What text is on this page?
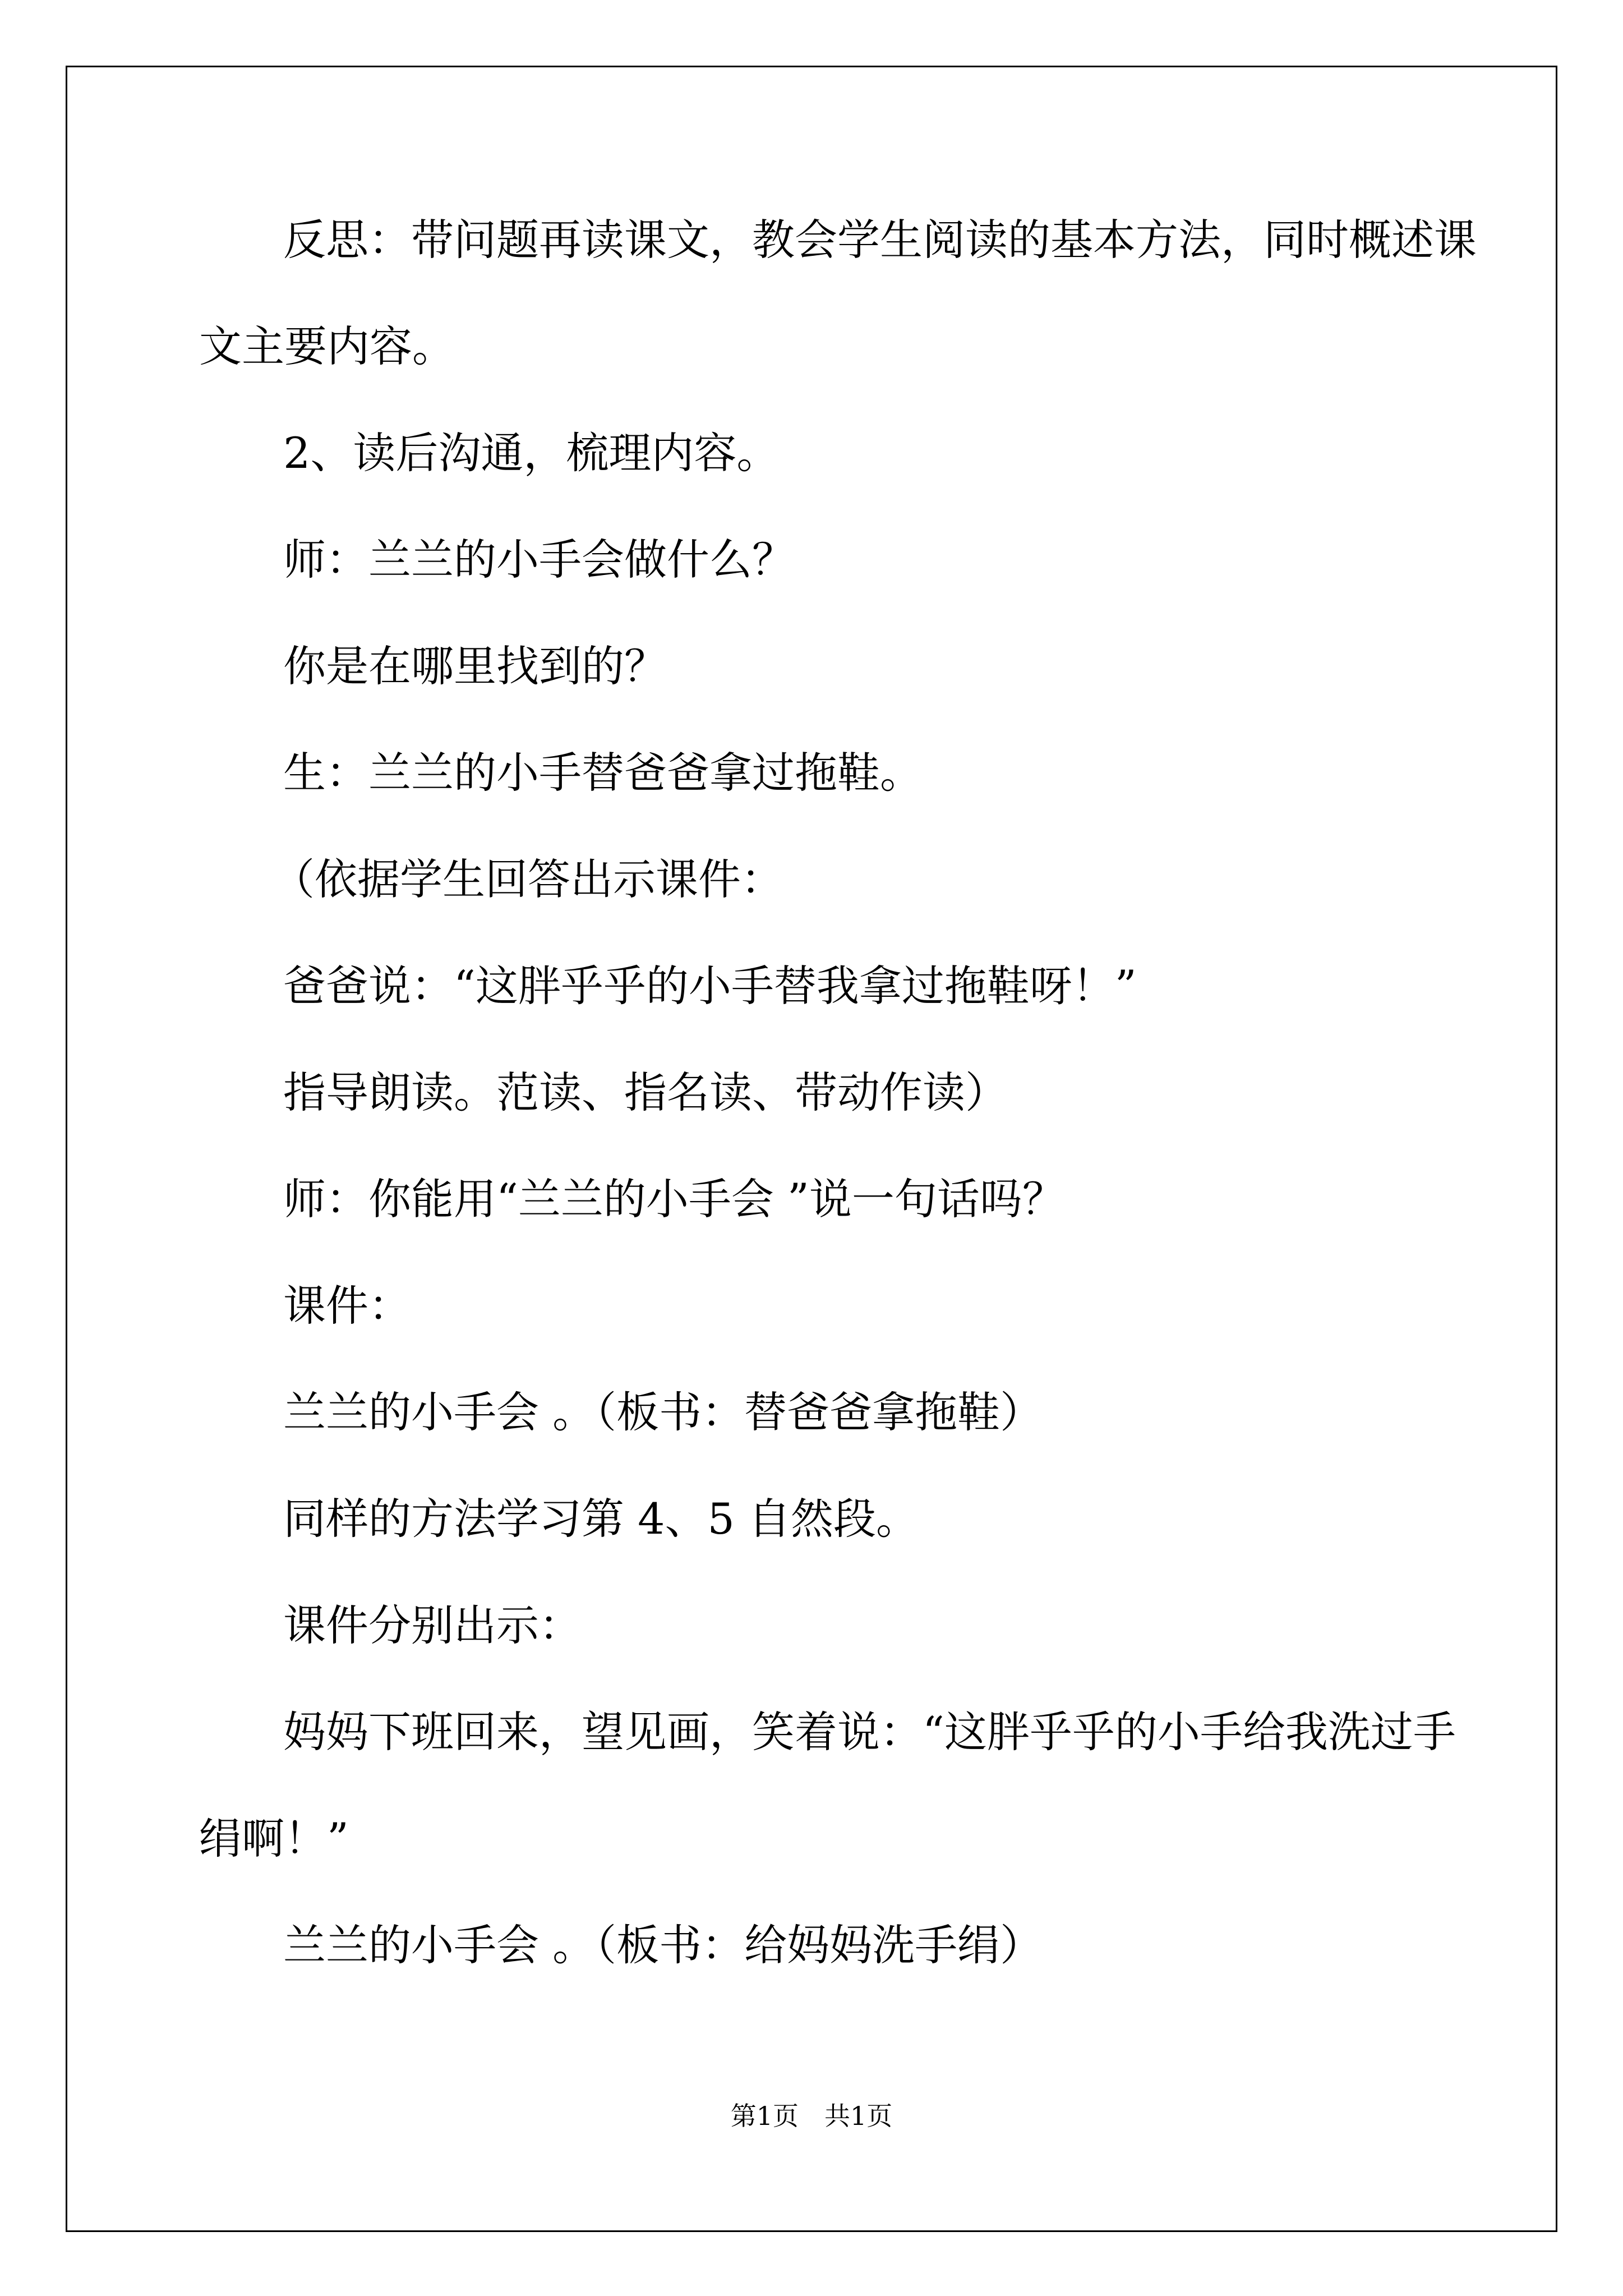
反思：带问题再读课文，教会学生阅读的基本方法，同时概述课
文主要内容。
2、读后沟通，梳理内容。
师：兰兰的小手会做什么？
你是在哪里找到的？
生：兰兰的小手替爸爸拿过拖鞋。
（依据学生回答出示课件：
爸爸说：“这胖乎乎的小手替我拿过拖鞋呀！”
指导朗读。范读、指名读、带动作读）
师：你能用“兰兰的小手会 ”说一句话吗？
课件：
兰兰的小手会 。（板书：替爸爸拿拖鞋）
同样的方法学习第 4、5 自然段。
课件分别出示：
妈妈下班回来，望见画，笑着说：“这胖乎乎的小手给我洗过手
绢啊！”
兰兰的小手会 。（板书：给妈妈洗手绢）
第1页　共1页
